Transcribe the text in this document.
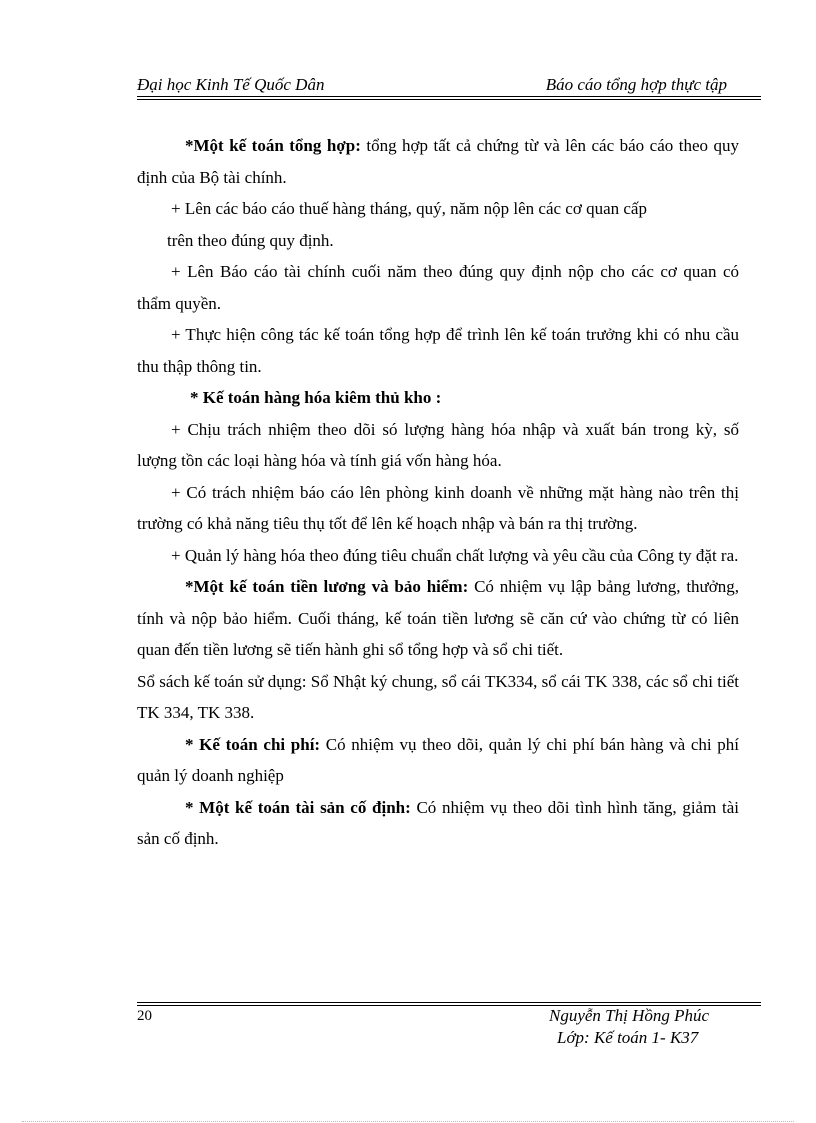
Đại học Kinh Tế Quốc Dân	Báo cáo tổng hợp thực tập

*Một kế toán tổng hợp: tổng hợp tất cả chứng từ và lên các báo cáo theo quy định của Bộ tài chính.

+ Lên các báo cáo thuế hàng tháng, quý, năm nộp lên các cơ quan cấp

trên theo đúng quy định.

+ Lên Báo cáo tài chính cuối năm theo đúng quy định nộp cho các cơ quan có thẩm quyền.

+ Thực hiện công tác kế toán tổng hợp để trình lên kế toán trưởng khi có nhu cầu thu thập thông tin.

* Kế toán hàng hóa kiêm thủ kho :

+ Chịu trách nhiệm theo dõi só lượng hàng hóa nhập và xuất bán trong kỳ, số lượng tồn các loại hàng hóa và tính giá vốn hàng hóa.

+ Có trách nhiệm báo cáo lên phòng kinh doanh về những mặt hàng nào trên thị trường có khả năng tiêu thụ tốt để lên kế hoạch nhập và bán ra thị trường.

+ Quản lý hàng hóa theo đúng tiêu chuẩn chất lượng và yêu cầu của Công ty đặt ra.

*Một kế toán tiền lương và bảo hiểm: Có nhiệm vụ lập bảng lương, thưởng, tính và nộp bảo hiểm. Cuối tháng, kế toán tiền lương sẽ căn cứ vào chứng từ có liên quan đến tiền lương sẽ tiến hành ghi sổ tổng hợp và sổ chi tiết.

Sổ sách kế toán sử dụng: Sổ Nhật ký chung, sổ cái TK334, sổ cái TK 338, các sổ chi tiết TK 334, TK 338.

* Kế toán chi phí: Có nhiệm vụ theo dõi, quản lý chi phí bán hàng và chi phí quản lý doanh nghiệp

* Một kế toán tài sản cố định: Có nhiệm vụ theo dõi tình hình tăng, giảm tài sản cố định.

20	Nguyễn Thị Hồng Phúc
Lớp: Kế toán 1- K37
